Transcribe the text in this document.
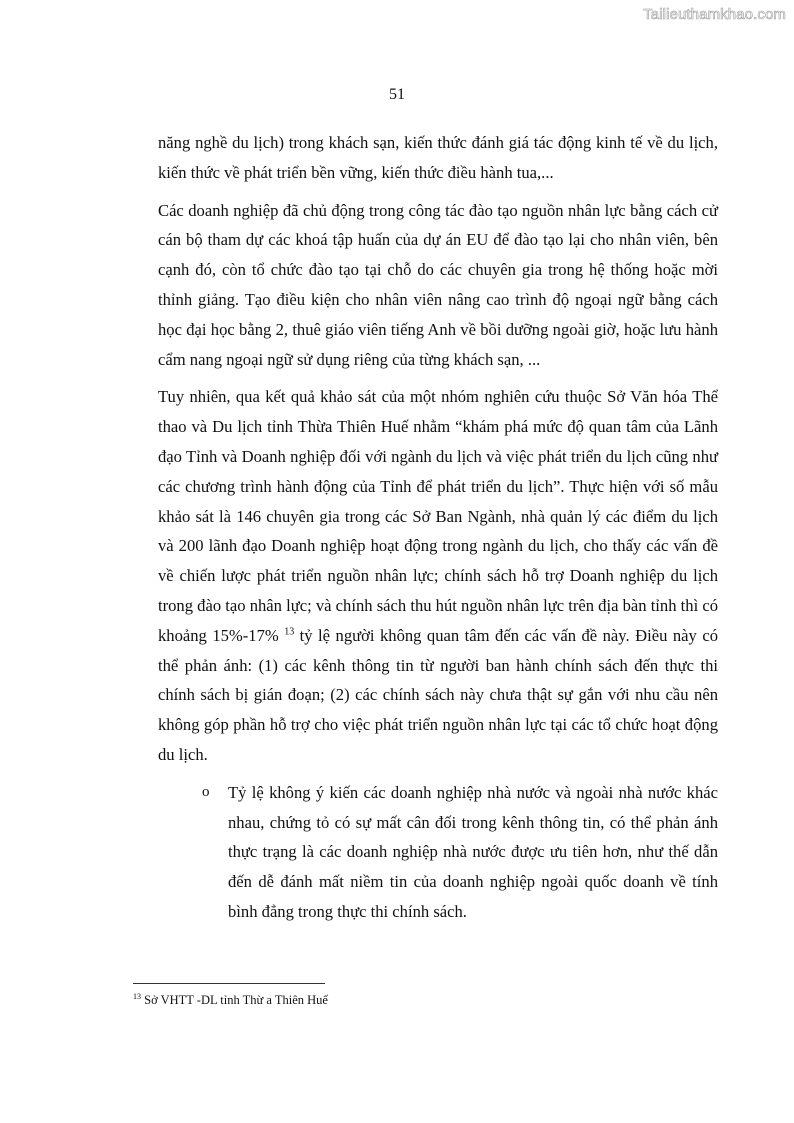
Tailieuthamkhao.com
51

năng nghề du lịch) trong khách sạn, kiến thức đánh giá tác động kinh tế về du lịch, kiến thức về phát triển bền vững, kiến thức điều hành tua,...

Các doanh nghiệp đã chủ động trong công tác đào tạo nguồn nhân lực bằng cách cử cán bộ tham dự các khoá tập huấn của dự án EU để đào tạo lại cho nhân viên, bên cạnh đó, còn tổ chức đào tạo tại chỗ do các chuyên gia trong hệ thống hoặc mời thỉnh giảng. Tạo điều kiện cho nhân viên nâng cao trình độ ngoại ngữ bằng cách học đại học bằng 2, thuê giáo viên tiếng Anh về bồi dưỡng ngoài giờ, hoặc lưu hành cẩm nang ngoại ngữ sử dụng riêng của từng khách sạn, ...

Tuy nhiên, qua kết quả khảo sát của một nhóm nghiên cứu thuộc Sở Văn hóa Thể thao và Du lịch tỉnh Thừa Thiên Huế nhằm “khám phá mức độ quan tâm của Lãnh đạo Tỉnh và Doanh nghiệp đối với ngành du lịch và việc phát triển du lịch cũng như các chương trình hành động của Tỉnh để phát triển du lịch”. Thực hiện với số mẫu khảo sát là 146 chuyên gia trong các Sở Ban Ngành, nhà quản lý các điểm du lịch và 200 lãnh đạo Doanh nghiệp hoạt động trong ngành du lịch, cho thấy các vấn đề về chiến lược phát triển nguồn nhân lực; chính sách hỗ trợ Doanh nghiệp du lịch trong đào tạo nhân lực; và chính sách thu hút nguồn nhân lực trên địa bàn tỉnh thì có khoảng 15%-17% $^{13}$ tỷ lệ người không quan tâm đến các vấn đề này. Điều này có thể phản ánh: (1) các kênh thông tin từ người ban hành chính sách đến thực thi chính sách bị gián đoạn; (2) các chính sách này chưa thật sự gắn với nhu cầu nên không góp phần hỗ trợ cho việc phát triển nguồn nhân lực tại các tổ chức hoạt động du lịch.

o Tỷ lệ không ý kiến các doanh nghiệp nhà nước và ngoài nhà nước khác nhau, chứng tỏ có sự mất cân đối trong kênh thông tin, có thể phản ánh thực trạng là các doanh nghiệp nhà nước được ưu tiên hơn, như thế dẫn đến dễ đánh mất niềm tin của doanh nghiệp ngoài quốc doanh về tính bình đẳng trong thực thi chính sách.
$^{13}$ Sở VHTT -DL tỉnh Thừ a Thiên Huế
